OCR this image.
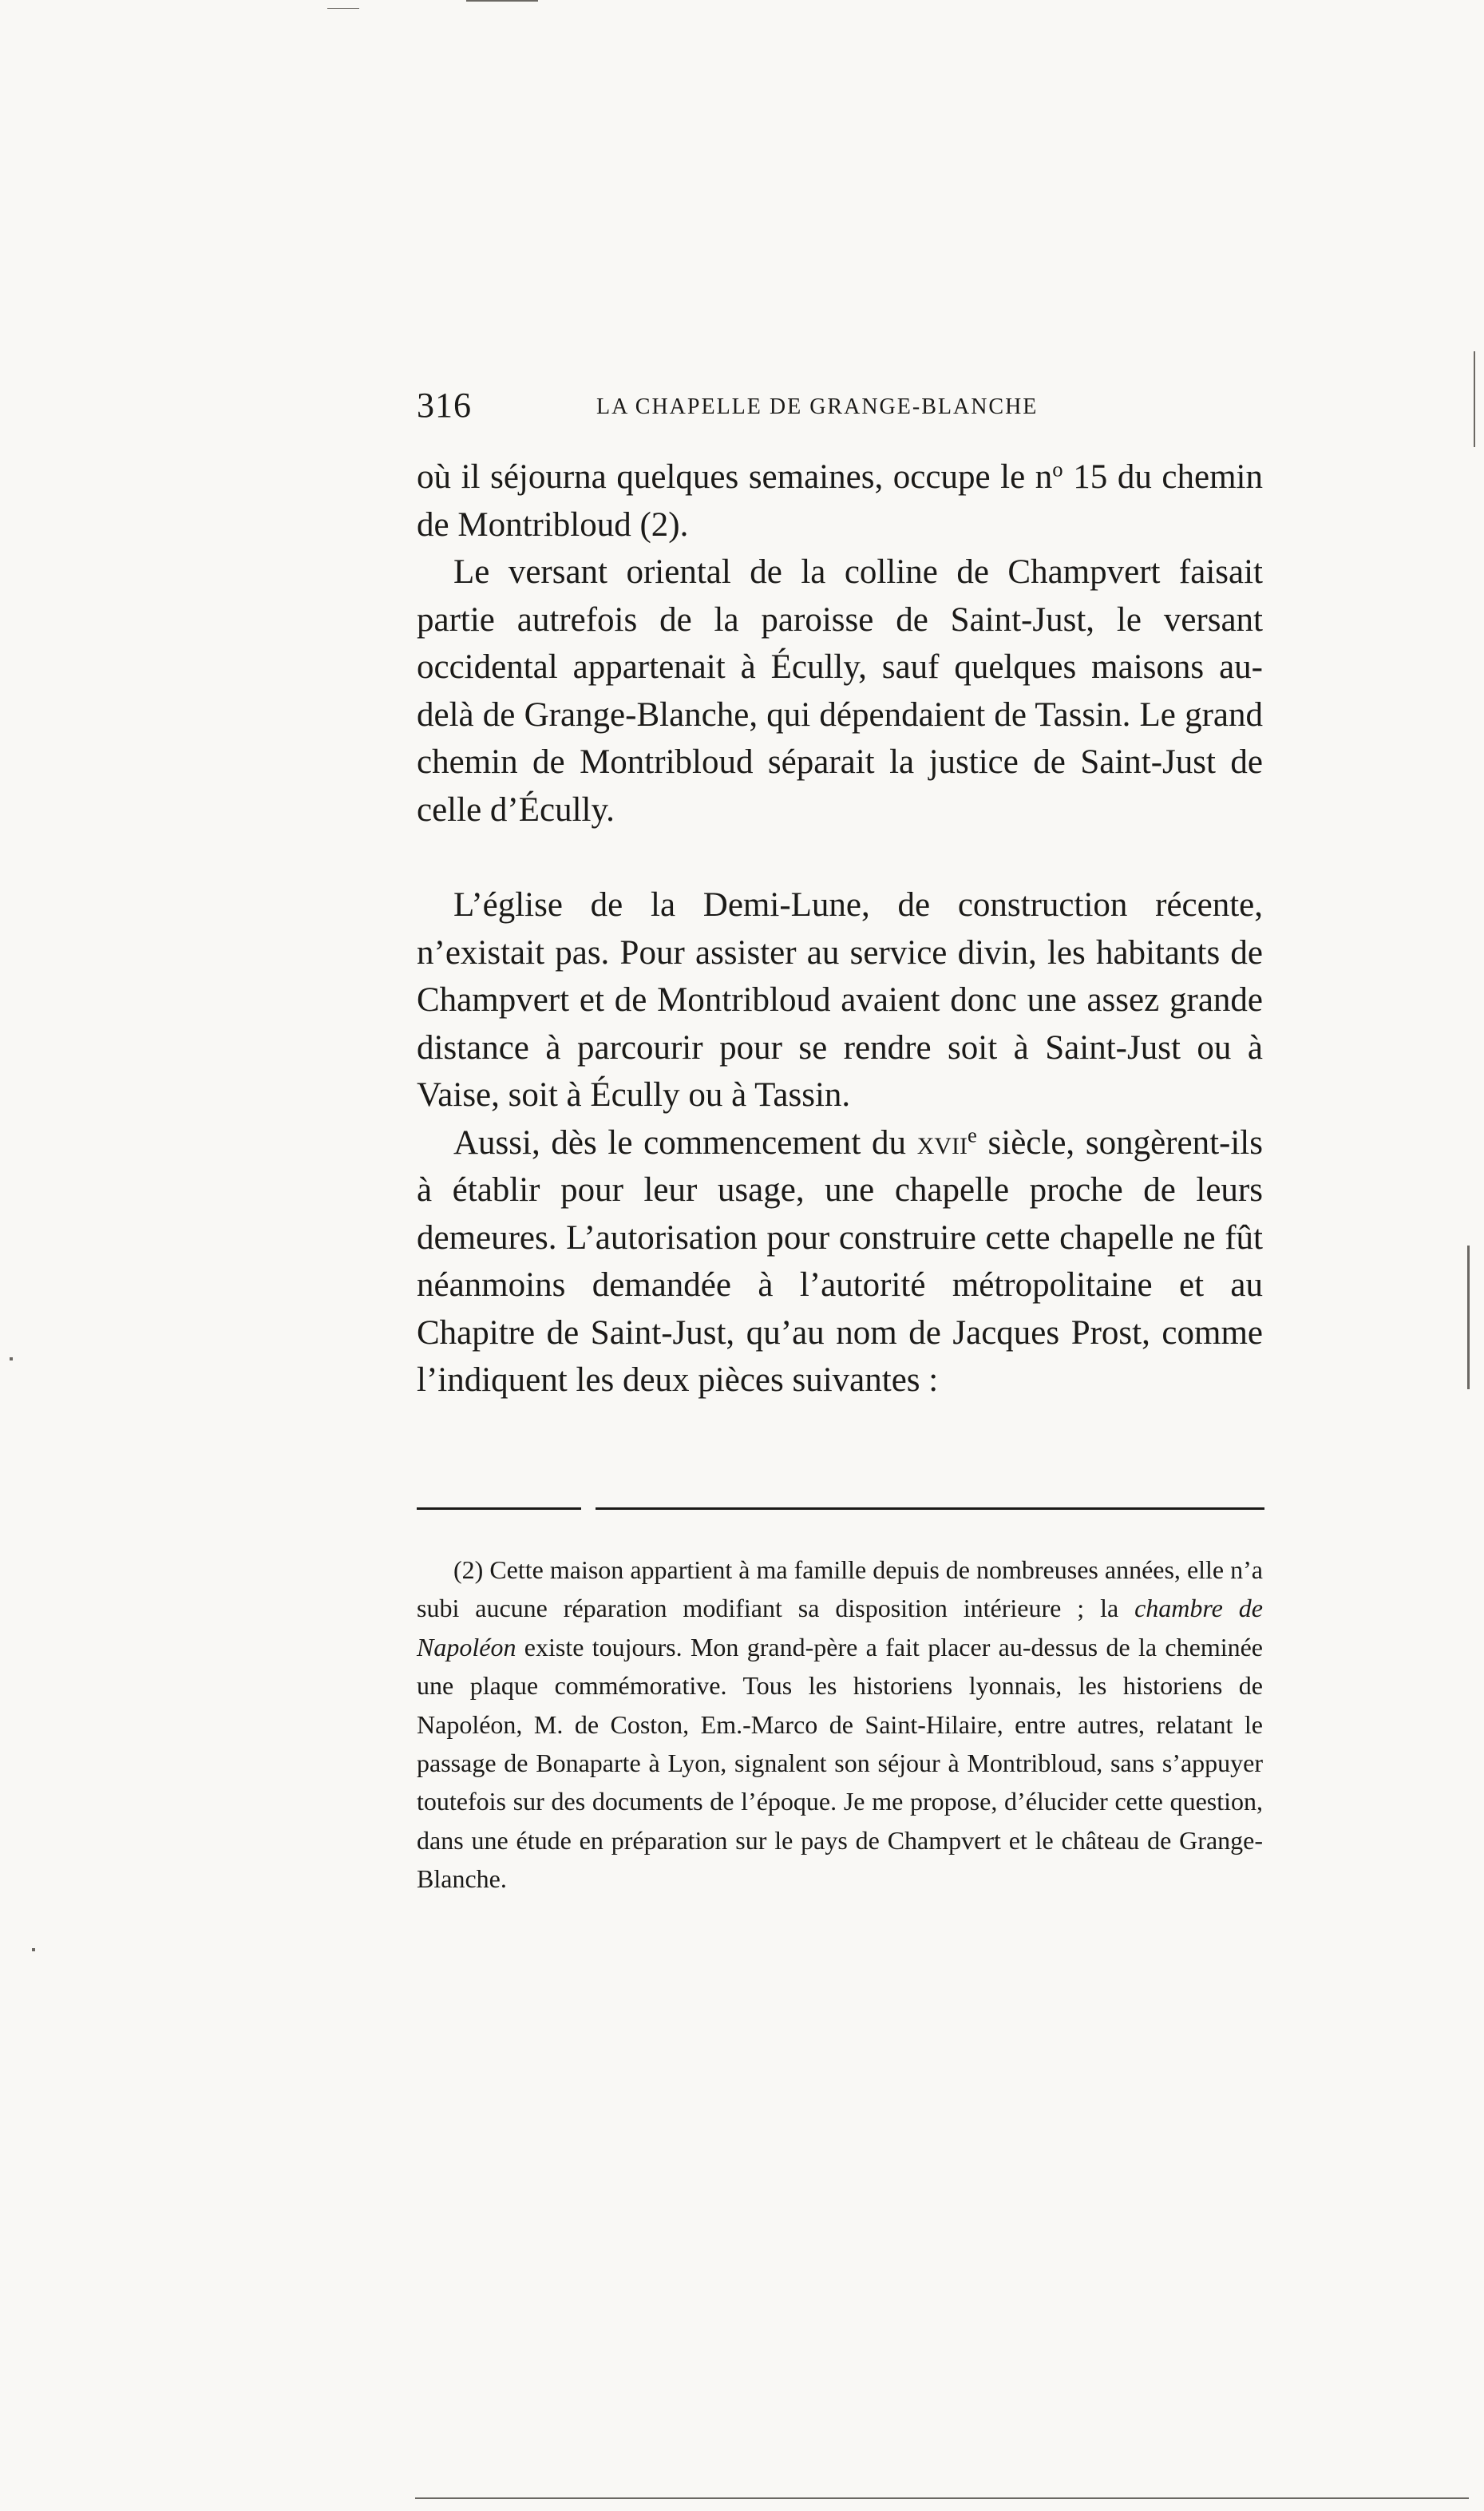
316	LA CHAPELLE DE GRANGE-BLANCHE

où il séjourna quelques semaines, occupe le $n^o$ 15 du chemin de Montribloud (2).

Le versant oriental de la colline de Champvert faisait partie autrefois de la paroisse de Saint-Just, le versant occidental appartenait à Écully, sauf quelques maisons au-delà de Grange-Blanche, qui dépendaient de Tassin. Le grand chemin de Montribloud séparait la justice de Saint-Just de celle d’Écully.

L’église de la Demi-Lune, de construction récente, n’existait pas. Pour assister au service divin, les habitants de Champvert et de Montribloud avaient donc une assez grande distance à parcourir pour se rendre soit à Saint-Just ou à Vaise, soit à Écully ou à Tassin.

Aussi, dès le commencement du xvii$^e$ siècle, songèrent-ils à établir pour leur usage, une chapelle proche de leurs demeures. L’autorisation pour construire cette chapelle ne fût néanmoins demandée à l’autorité métropolitaine et au Chapitre de Saint-Just, qu’au nom de Jacques Prost, comme l’indiquent les deux pièces suivantes :

(2) Cette maison appartient à ma famille depuis de nombreuses années, elle n’a subi aucune réparation modifiant sa disposition intérieure ; la chambre de Napoléon existe toujours. Mon grand-père a fait placer au-dessus de la cheminée une plaque commémorative. Tous les historiens lyonnais, les historiens de Napoléon, M. de Coston, Em.-Marco de Saint-Hilaire, entre autres, relatant le passage de Bonaparte à Lyon, signalent son séjour à Montribloud, sans s’appuyer toutefois sur des documents de l’époque. Je me propose, d’élucider cette question, dans une étude en préparation sur le pays de Champvert et le château de Grange-Blanche.
